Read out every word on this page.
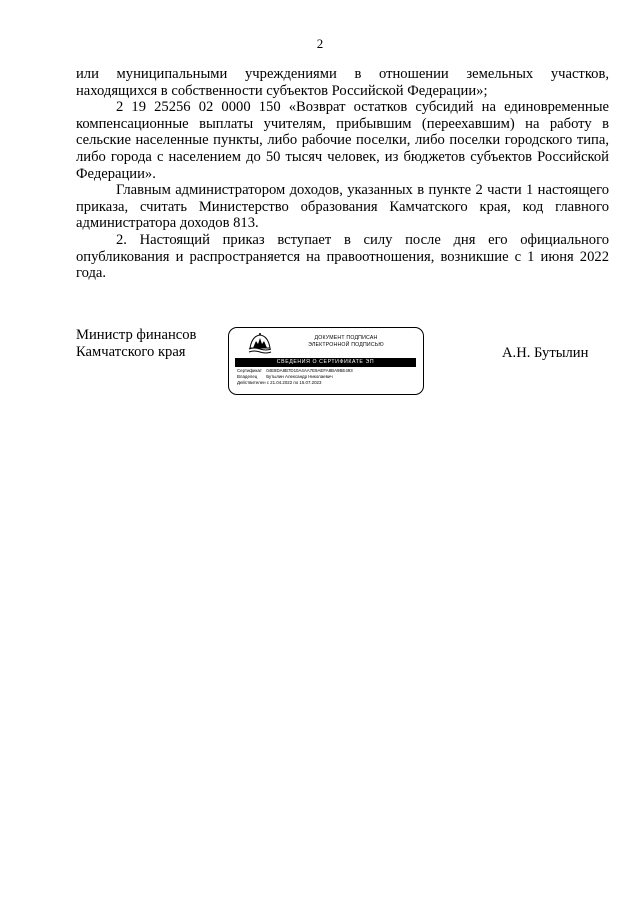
2

или муниципальными учреждениями в отношении земельных участков, находящихся в собственности субъектов Российской Федерации»;

2 19 25256 02 0000 150 «Возврат остатков субсидий на единовременные компенсационные выплаты учителям, прибывшим (переехавшим) на работу в сельские населенные пункты, либо рабочие поселки, либо поселки городского типа, либо города с населением до 50 тысяч человек, из бюджетов субъектов Российской Федерации».

Главным администратором доходов, указанных в пункте 2 части 1 настоящего приказа, считать Министерство образования Камчатского края, код главного администратора доходов 813.

2. Настоящий приказ вступает в силу после дня его официального опубликования и распространяется на правоотношения, возникшие с 1 июня 2022 года.

Министр финансов
Камчатского края
ДОКУМЕНТ ПОДПИСАН
ЭЛЕКТРОННОЙ ПОДПИСЬЮ
СВЕДЕНИЯ О СЕРТИФИКАТЕ ЭП
Сертификат 04E8DA8B7D10A4AA7E9AEFA8BA9BE493
Владелец Бутылин Александр Николаевич
Действителен с 21.04.2022 по 15.07.2023
А.Н. Бутылин
